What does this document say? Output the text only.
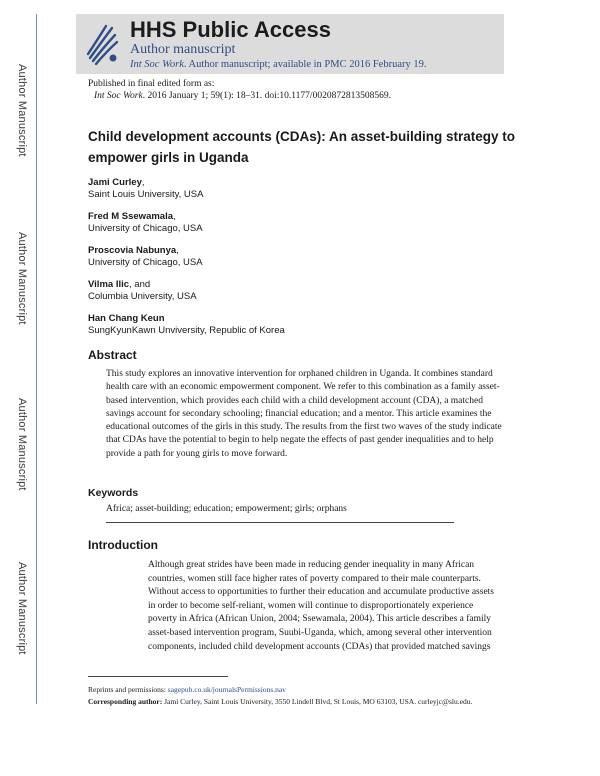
Author Manuscript
Author Manuscript
Author Manuscript
Author Manuscript
HHS Public Access
Author manuscript
Int Soc Work. Author manuscript; available in PMC 2016 February 19.
Published in final edited form as:
Int Soc Work. 2016 January 1; 59(1): 18–31. doi:10.1177/0020872813508569.
Child development accounts (CDAs): An asset-building strategy to empower girls in Uganda
Jami Curley,
Saint Louis University, USA
Fred M Ssewamala,
University of Chicago, USA
Proscovia Nabunya,
University of Chicago, USA
Vilma Ilic, and
Columbia University, USA
Han Chang Keun
SungKyunKawn Unviversity, Republic of Korea
Abstract
This study explores an innovative intervention for orphaned children in Uganda. It combines standard health care with an economic empowerment component. We refer to this combination as a family asset-based intervention, which provides each child with a child development account (CDA), a matched savings account for secondary schooling; financial education; and a mentor. This article examines the educational outcomes of the girls in this study. The results from the first two waves of the study indicate that CDAs have the potential to begin to help negate the effects of past gender inequalities and to help provide a path for young girls to move forward.
Keywords
Africa; asset-building; education; empowerment; girls; orphans
Introduction
Although great strides have been made in reducing gender inequality in many African countries, women still face higher rates of poverty compared to their male counterparts. Without access to opportunities to further their education and accumulate productive assets in order to become self-reliant, women will continue to disproportionately experience poverty in Africa (African Union, 2004; Ssewamala, 2004). This article describes a family asset-based intervention program, Suubi-Uganda, which, among several other intervention components, included child development accounts (CDAs) that provided matched savings
Reprints and permissions: sagepub.co.uk/journalsPermissions.nav
Corresponding author: Jami Curley, Saint Louis University, 3550 Lindell Blvd, St Louis, MO 63103, USA. curleyjc@slu.edu.
